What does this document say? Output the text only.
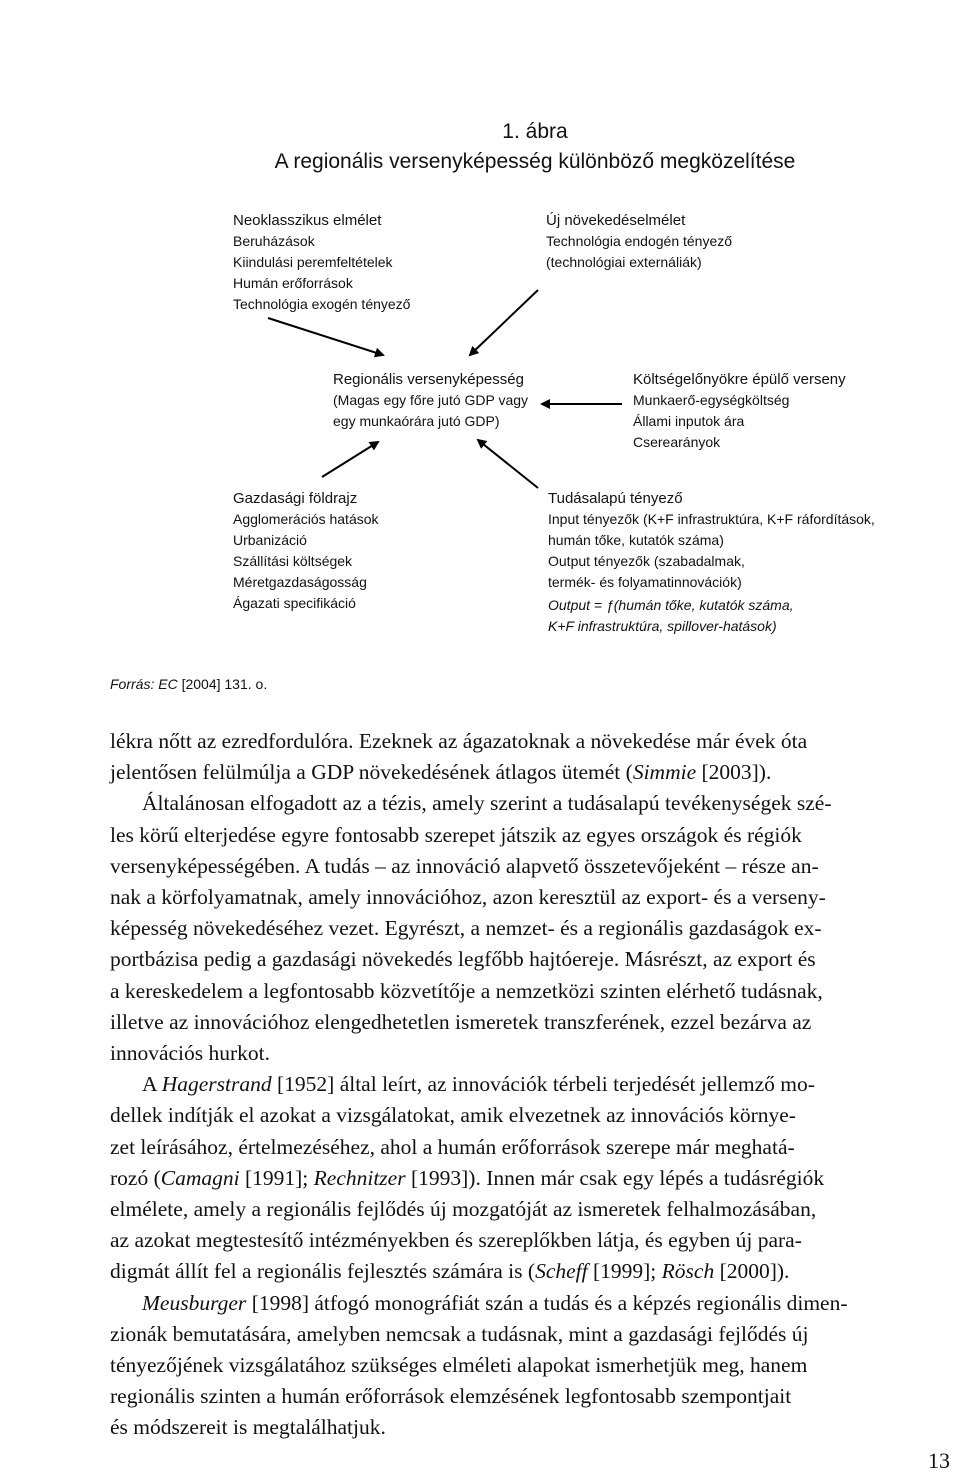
1. ábra
A regionális versenyképesség különböző megközelítése
Neoklasszikus elmélet
Beruházások
Kiindulási peremfeltételek
Humán erőforrások
Technológia exogén tényező
Új növekedéselmélet
Technológia endogén tényező
(technológiai externáliák)
Regionális versenyképesség
(Magas egy főre jutó GDP vagy
egy munkaórára jutó GDP)
Költségelőnyökre épülő verseny
Munkaerő-egységköltség
Állami inputok ára
Cserearányok
Gazdasági földrajz
Agglomerációs hatások
Urbanizáció
Szállítási költségek
Méretgazdaságosság
Ágazati specifikáció
Tudásalapú tényező
Input tényezők (K+F infrastruktúra, K+F ráfordítások,
humán tőke, kutatók száma)
Output tényezők (szabadalmak,
termék- és folyamatinnovációk)
Output = ƒ(humán tőke, kutatók száma,
K+F infrastruktúra, spillover-hatások)
Forrás: EC [2004] 131. o.

lékra nőtt az ezredfordulóra. Ezeknek az ágazatoknak a növekedése már évek óta
jelentősen felülmúlja a GDP növekedésének átlagos ütemét (Simmie [2003]).

Általánosan elfogadott az a tézis, amely szerint a tudásalapú tevékenységek szé-
les körű elterjedése egyre fontosabb szerepet játszik az egyes országok és régiók
versenyképességében. A tudás – az innováció alapvető összetevőjeként – része an-
nak a körfolyamatnak, amely innovációhoz, azon keresztül az export- és a verseny-
képesség növekedéséhez vezet. Egyrészt, a nemzet- és a regionális gazdaságok ex-
portbázisa pedig a gazdasági növekedés legfőbb hajtóereje. Másrészt, az export és
a kereskedelem a legfontosabb közvetítője a nemzetközi szinten elérhető tudásnak,
illetve az innovációhoz elengedhetetlen ismeretek transzferének, ezzel bezárva az
innovációs hurkot.

A Hagerstrand [1952] által leírt, az innovációk térbeli terjedését jellemző mo-
dellek indítják el azokat a vizsgálatokat, amik elvezetnek az innovációs környe-
zet leírásához, értelmezéséhez, ahol a humán erőforrások szerepe már meghatá-
rozó (Camagni [1991]; Rechnitzer [1993]). Innen már csak egy lépés a tudásrégiók
elmélete, amely a regionális fejlődés új mozgatóját az ismeretek felhalmozásában,
az azokat megtestesítő intézményekben és szereplőkben látja, és egyben új para-
digmát állít fel a regionális fejlesztés számára is (Scheff [1999]; Rösch [2000]).

Meusburger [1998] átfogó monográfiát szán a tudás és a képzés regionális dimen-
zionák bemutatására, amelyben nemcsak a tudásnak, mint a gazdasági fejlődés új
tényezőjének vizsgálatához szükséges elméleti alapokat ismerhetjük meg, hanem
regionális szinten a humán erőforrások elemzésének legfontosabb szempontjait
és módszereit is megtalálhatjuk.

13
